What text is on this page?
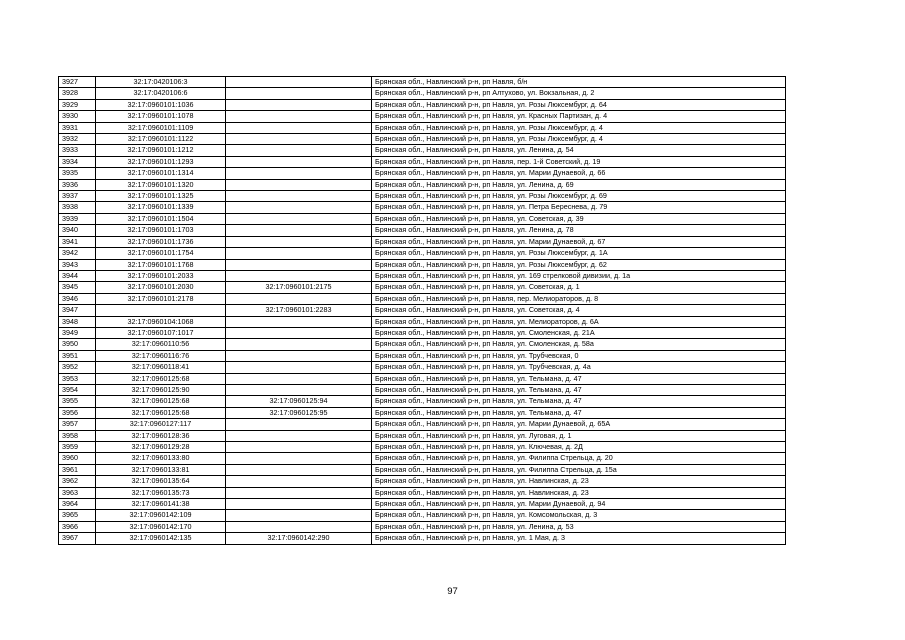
3927	32:17:0420106:3		Брянская обл., Навлинский р-н, рп Навля, б/н
3928	32:17:0420106:6		Брянская обл., Навлинский р-н, рп Алтухово, ул. Вокзальная, д. 2
3929	32:17:0960101:1036		Брянская обл., Навлинский р-н, рп Навля, ул. Розы Люксембург, д. 64
3930	32:17:0960101:1078		Брянская обл., Навлинский р-н, рп Навля, ул. Красных Партизан, д. 4
3931	32:17:0960101:1109		Брянская обл., Навлинский р-н, рп Навля, ул. Розы Люксембург, д. 4
3932	32:17:0960101:1122		Брянская обл., Навлинский р-н, рп Навля, ул. Розы Люксембург, д. 4
3933	32:17:0960101:1212		Брянская обл., Навлинский р-н, рп Навля, ул. Ленина, д. 54
3934	32:17:0960101:1293		Брянская обл., Навлинский р-н, рп Навля, пер. 1-й Советский, д. 19
3935	32:17:0960101:1314		Брянская обл., Навлинский р-н, рп Навля, ул. Марии Дунаевой, д. 66
3936	32:17:0960101:1320		Брянская обл., Навлинский р-н, рп Навля, ул. Ленина, д. 69
3937	32:17:0960101:1325		Брянская обл., Навлинский р-н, рп Навля, ул. Розы Люксембург, д. 69
3938	32:17:0960101:1339		Брянская обл., Навлинский р-н, рп Навля, ул. Петра Береснева, д. 79
3939	32:17:0960101:1504		Брянская обл., Навлинский р-н, рп Навля, ул. Советская, д. 39
3940	32:17:0960101:1703		Брянская обл., Навлинский р-н, рп Навля, ул. Ленина, д. 78
3941	32:17:0960101:1736		Брянская обл., Навлинский р-н, рп Навля, ул. Марии Дунаевой, д. 67
3942	32:17:0960101:1754		Брянская обл., Навлинский р-н, рп Навля, ул. Розы Люксембург, д. 1А
3943	32:17:0960101:1768		Брянская обл., Навлинский р-н, рп Навля, ул. Розы Люксембург, д. 62
3944	32:17:0960101:2033		Брянская обл., Навлинский р-н, рп Навля, ул. 169 стрелковой дивизии, д. 1а
3945	32:17:0960101:2030	32:17:0960101:2175	Брянская обл., Навлинский р-н, рп Навля, ул. Советская, д. 1
3946	32:17:0960101:2178		Брянская обл., Навлинский р-н, рп Навля, пер. Мелиораторов, д. 8
3947		32:17:0960101:2283	Брянская обл., Навлинский р-н, рп Навля, ул. Советская, д. 4
3948	32:17:0960104:1068		Брянская обл., Навлинский р-н, рп Навля, ул. Мелиораторов, д. 6А
3949	32:17:0960107:1017		Брянская обл., Навлинский р-н, рп Навля, ул. Смоленская, д. 21А
3950	32:17:0960110:56		Брянская обл., Навлинский р-н, рп Навля, ул. Смоленская, д. 58а
3951	32:17:0960116:76		Брянская обл., Навлинский р-н, рп Навля, ул. Трубчевская, 0
3952	32:17:0960118:41		Брянская обл., Навлинский р-н, рп Навля, ул. Трубчевская, д. 4а
3953	32:17:0960125:68		Брянская обл., Навлинский р-н, рп Навля, ул. Тельмана, д. 47
3954	32:17:0960125:90		Брянская обл., Навлинский р-н, рп Навля, ул. Тельмана, д. 47
3955	32:17:0960125:68	32:17:0960125:94	Брянская обл., Навлинский р-н, рп Навля, ул. Тельмана, д. 47
3956	32:17:0960125:68	32:17:0960125:95	Брянская обл., Навлинский р-н, рп Навля, ул. Тельмана, д. 47
3957	32:17:0960127:117		Брянская обл., Навлинский р-н, рп Навля, ул. Марии Дунаевой, д. 65А
3958	32:17:0960128:36		Брянская обл., Навлинский р-н, рп Навля, ул. Луговая, д. 1
3959	32:17:0960129:28		Брянская обл., Навлинский р-н, рп Навля, ул. Ключевая, д. 2Д
3960	32:17:0960133:80		Брянская обл., Навлинский р-н, рп Навля, ул. Филиппа Стрельца, д. 20
3961	32:17:0960133:81		Брянская обл., Навлинский р-н, рп Навля, ул. Филиппа Стрельца, д. 15а
3962	32:17:0960135:64		Брянская обл., Навлинский р-н, рп Навля, ул. Навлинская, д. 23
3963	32:17:0960135:73		Брянская обл., Навлинский р-н, рп Навля, ул. Навлинская, д. 23
3964	32:17:0960141:38		Брянская обл., Навлинский р-н, рп Навля, ул. Марии Дунаевой, д. 94
3965	32:17:0960142:109		Брянская обл., Навлинский р-н, рп Навля, ул. Комсомольская, д. 3
3966	32:17:0960142:170		Брянская обл., Навлинский р-н, рп Навля, ул. Ленина, д. 53
3967	32:17:0960142:135	32:17:0960142:290	Брянская обл., Навлинский р-н, рп Навля, ул. 1 Мая, д. 3
97
